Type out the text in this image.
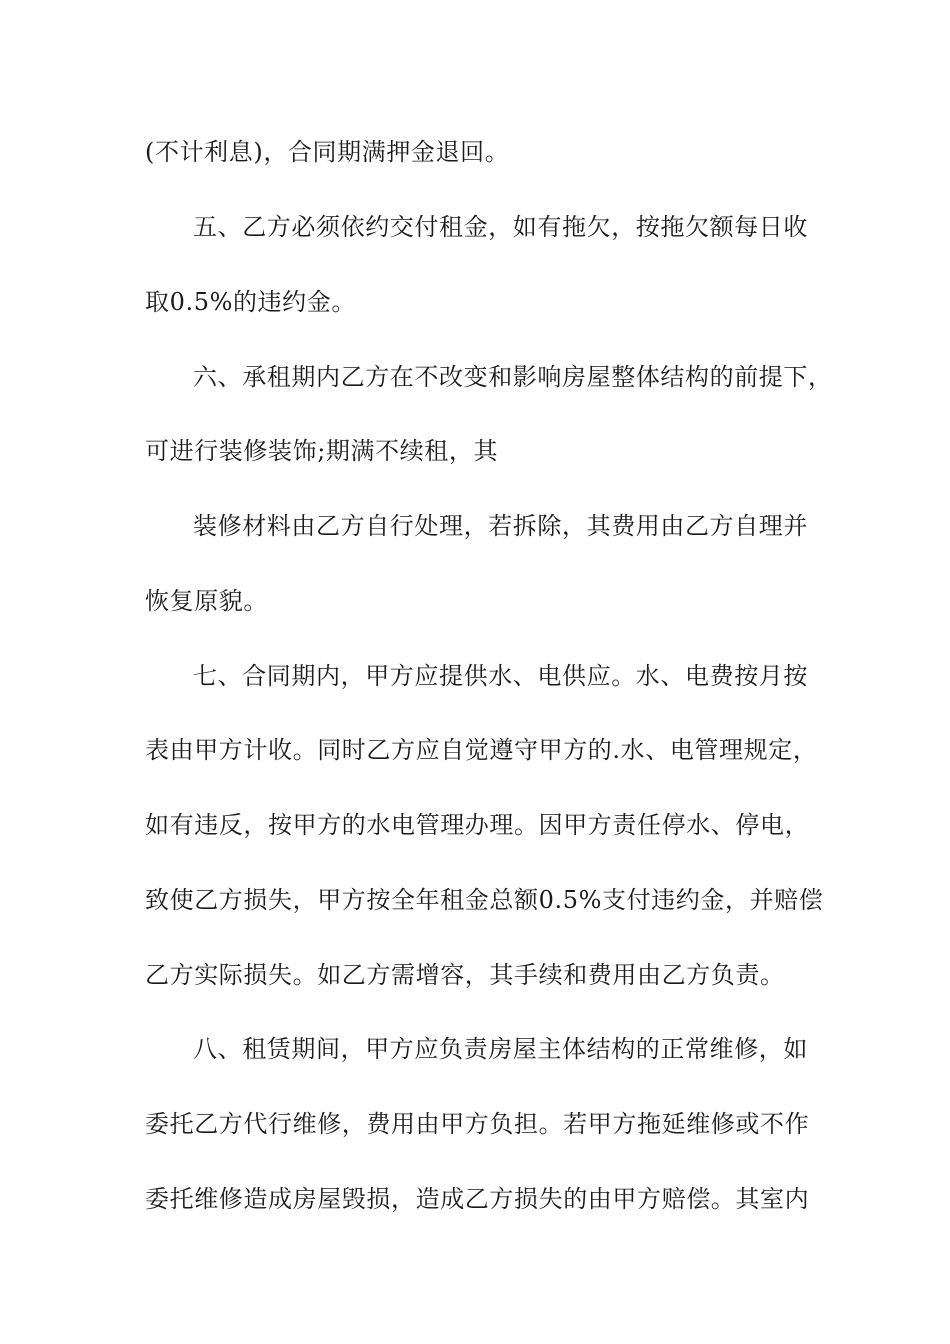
(不计利息)，合同期满押金退回。
五、乙方必须依约交付租金，如有拖欠，按拖欠额每日收
取0.5%的违约金。
六、承租期内乙方在不改变和影响房屋整体结构的前提下，
可进行装修装饰;期满不续租，其
装修材料由乙方自行处理，若拆除，其费用由乙方自理并
恢复原貌。
七、合同期内，甲方应提供水、电供应。水、电费按月按
表由甲方计收。同时乙方应自觉遵守甲方的.水、电管理规定，
如有违反，按甲方的水电管理办理。因甲方责任停水、停电，
致使乙方损失，甲方按全年租金总额0.5%支付违约金，并赔偿
乙方实际损失。如乙方需增容，其手续和费用由乙方负责。
八、租赁期间，甲方应负责房屋主体结构的正常维修，如
委托乙方代行维修，费用由甲方负担。若甲方拖延维修或不作
委托维修造成房屋毁损，造成乙方损失的由甲方赔偿。其室内
